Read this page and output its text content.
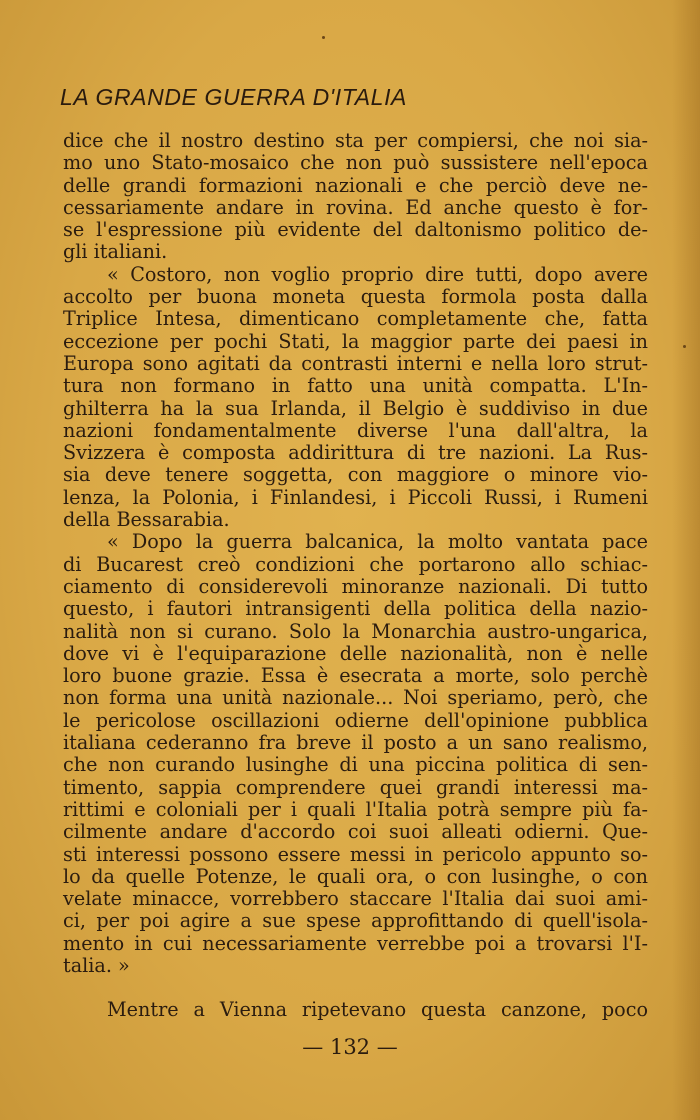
LA GRANDE GUERRA D'ITALIA
dice che il nostro destino sta per compiersi, che noi sia-
mo uno Stato-mosaico che non può sussistere nell'epoca
delle grandi formazioni nazionali e che perciò deve ne-
cessariamente andare in rovina. Ed anche questo è for-
se l'espressione più evidente del daltonismo politico de-
gli italiani.
« Costoro, non voglio proprio dire tutti, dopo avere
accolto per buona moneta questa formola posta dalla
Triplice Intesa, dimenticano completamente che, fatta
eccezione per pochi Stati, la maggior parte dei paesi in
Europa sono agitati da contrasti interni e nella loro strut-
tura non formano in fatto una unità compatta. L'In-
ghilterra ha la sua Irlanda, il Belgio è suddiviso in due
nazioni fondamentalmente diverse l'una dall'altra, la
Svizzera è composta addirittura di tre nazioni. La Rus-
sia deve tenere soggetta, con maggiore o minore vio-
lenza, la Polonia, i Finlandesi, i Piccoli Russi, i Rumeni
della Bessarabia.
« Dopo la guerra balcanica, la molto vantata pace
di Bucarest creò condizioni che portarono allo schiac-
ciamento di considerevoli minoranze nazionali. Di tutto
questo, i fautori intransigenti della politica della nazio-
nalità non si curano. Solo la Monarchia austro-ungarica,
dove vi è l'equiparazione delle nazionalità, non è nelle
loro buone grazie. Essa è esecrata a morte, solo perchè
non forma una unità nazionale... Noi speriamo, però, che
le pericolose oscillazioni odierne dell'opinione pubblica
italiana cederanno fra breve il posto a un sano realismo,
che non curando lusinghe di una piccina politica di sen-
timento, sappia comprendere quei grandi interessi ma-
rittimi e coloniali per i quali l'Italia potrà sempre più fa-
cilmente andare d'accordo coi suoi alleati odierni. Que-
sti interessi possono essere messi in pericolo appunto so-
lo da quelle Potenze, le quali ora, o con lusinghe, o con
velate minacce, vorrebbero staccare l'Italia dai suoi ami-
ci, per poi agire a sue spese approfittando di quell'isola-
mento in cui necessariamente verrebbe poi a trovarsi l'I-
talia. »
Mentre a Vienna ripetevano questa canzone, poco
— 132 —
